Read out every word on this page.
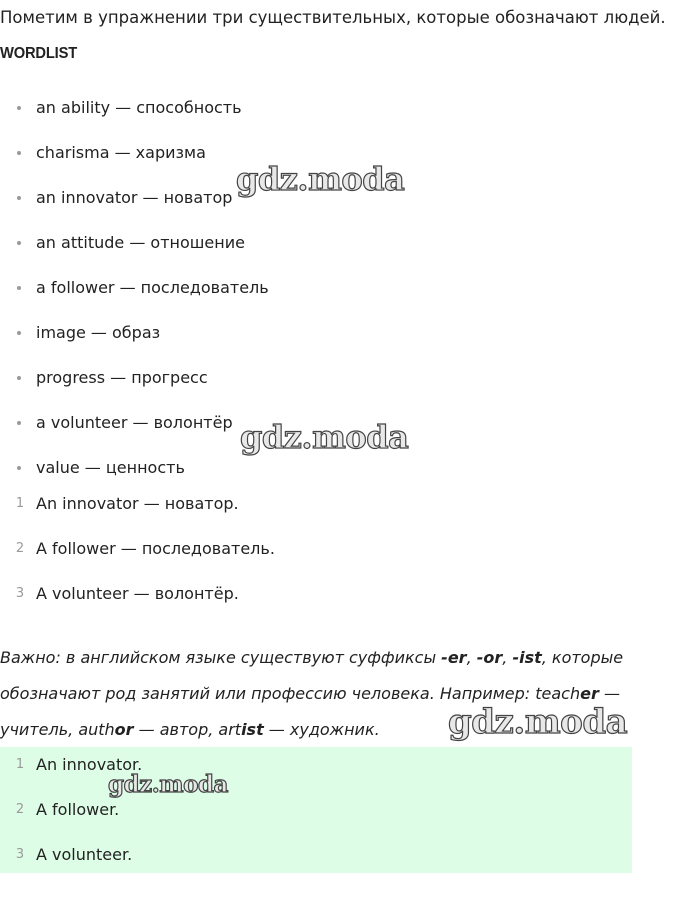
Пометим в упражнении три существительных, которые обозначают людей.
WORDLIST
an ability — способность
charisma — харизма
an innovator — новатор
an attitude — отношение
a follower — последователь
image — образ
progress — прогресс
a volunteer — волонтёр
value — ценность
1 An innovator — новатор.
2 A follower — последователь.
3 A volunteer — волонтёр.
Важно: в английском языке существуют суффиксы -er, -or, -ist, которые обозначают род занятий или профессию человека. Например: teacher — учитель, author — автор, artist — художник.
1 An innovator.
2 A follower.
3 A volunteer.
gdz.moda
gdz.moda
gdz.moda
gdz.moda
